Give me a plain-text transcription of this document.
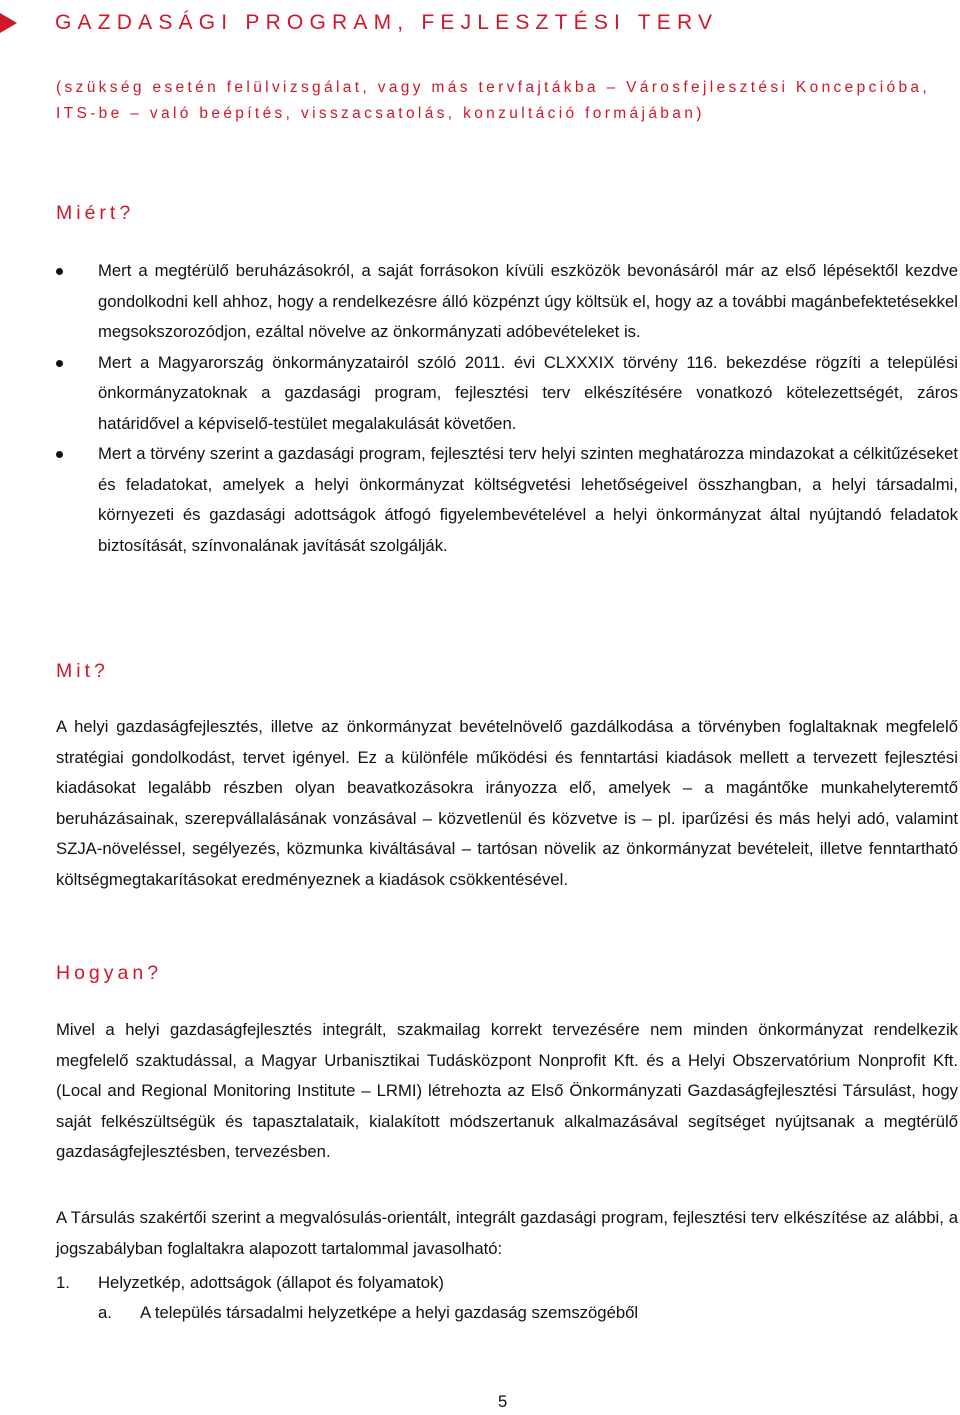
GAZDASÁGI PROGRAM, FEJLESZTÉSI TERV
(szükség esetén felülvizsgálat, vagy más tervfajtákba – Városfejlesztési Koncepcióba, ITS-be – való beépítés, visszacsatolás, konzultáció formájában)
Miért?
Mert a megtérülő beruházásokról, a saját forrásokon kívüli eszközök bevonásáról már az első lépésektől kezdve gondolkodni kell ahhoz, hogy a rendelkezésre álló közpénzt úgy költsük el, hogy az a további magánbefektetésekkel megsokszorozódjon, ezáltal növelve az önkormányzati adóbevételeket is.
Mert a Magyarország önkormányzatairól szóló 2011. évi CLXXXIX törvény 116. bekezdése rögzíti a települési önkormányzatoknak a gazdasági program, fejlesztési terv elkészítésére vonatkozó kötelezettségét, záros határidővel a képviselő-testület megalakulását követően.
Mert a törvény szerint a gazdasági program, fejlesztési terv helyi szinten meghatározza mindazokat a célkitűzéseket és feladatokat, amelyek a helyi önkormányzat költségvetési lehetőségeivel összhangban, a helyi társadalmi, környezeti és gazdasági adottságok átfogó figyelembevételével a helyi önkormányzat által nyújtandó feladatok biztosítását, színvonalának javítását szolgálják.
Mit?

A helyi gazdaságfejlesztés, illetve az önkormányzat bevételnövelő gazdálkodása a törvényben foglaltaknak megfelelő stratégiai gondolkodást, tervet igényel. Ez a különféle működési és fenntartási kiadások mellett a tervezett fejlesztési kiadásokat legalább részben olyan beavatkozásokra irányozza elő, amelyek – a magántőke munkahelyteremtő beruházásainak, szerepvállalásának vonzásával – közvetlenül és közvetve is – pl. iparűzési és más helyi adó, valamint SZJA-növeléssel, segélyezés, közmunka kiváltásával – tartósan növelik az önkormányzat bevételeit, illetve fenntartható költségmegtakarításokat eredményeznek a kiadások csökkentésével.

Hogyan?

Mivel a helyi gazdaságfejlesztés integrált, szakmailag korrekt tervezésére nem minden önkormányzat rendelkezik megfelelő szaktudással, a Magyar Urbanisztikai Tudásközpont Nonprofit Kft. és a Helyi Obszervatórium Nonprofit Kft. (Local and Regional Monitoring Institute – LRMI) létrehozta az Első Önkormányzati Gazdaságfejlesztési Társulást, hogy saját felkészültségük és tapasztalataik, kialakított módszertanuk alkalmazásával segítséget nyújtsanak a megtérülő gazdaságfejlesztésben, tervezésben.

A Társulás szakértői szerint a megvalósulás-orientált, integrált gazdasági program, fejlesztési terv elkészítése az alábbi, a jogszabályban foglaltakra alapozott tartalommal javasolható:

1. Helyzetkép, adottságok (állapot és folyamatok)
a. A település társadalmi helyzetképe a helyi gazdaság szemszögéből
5
